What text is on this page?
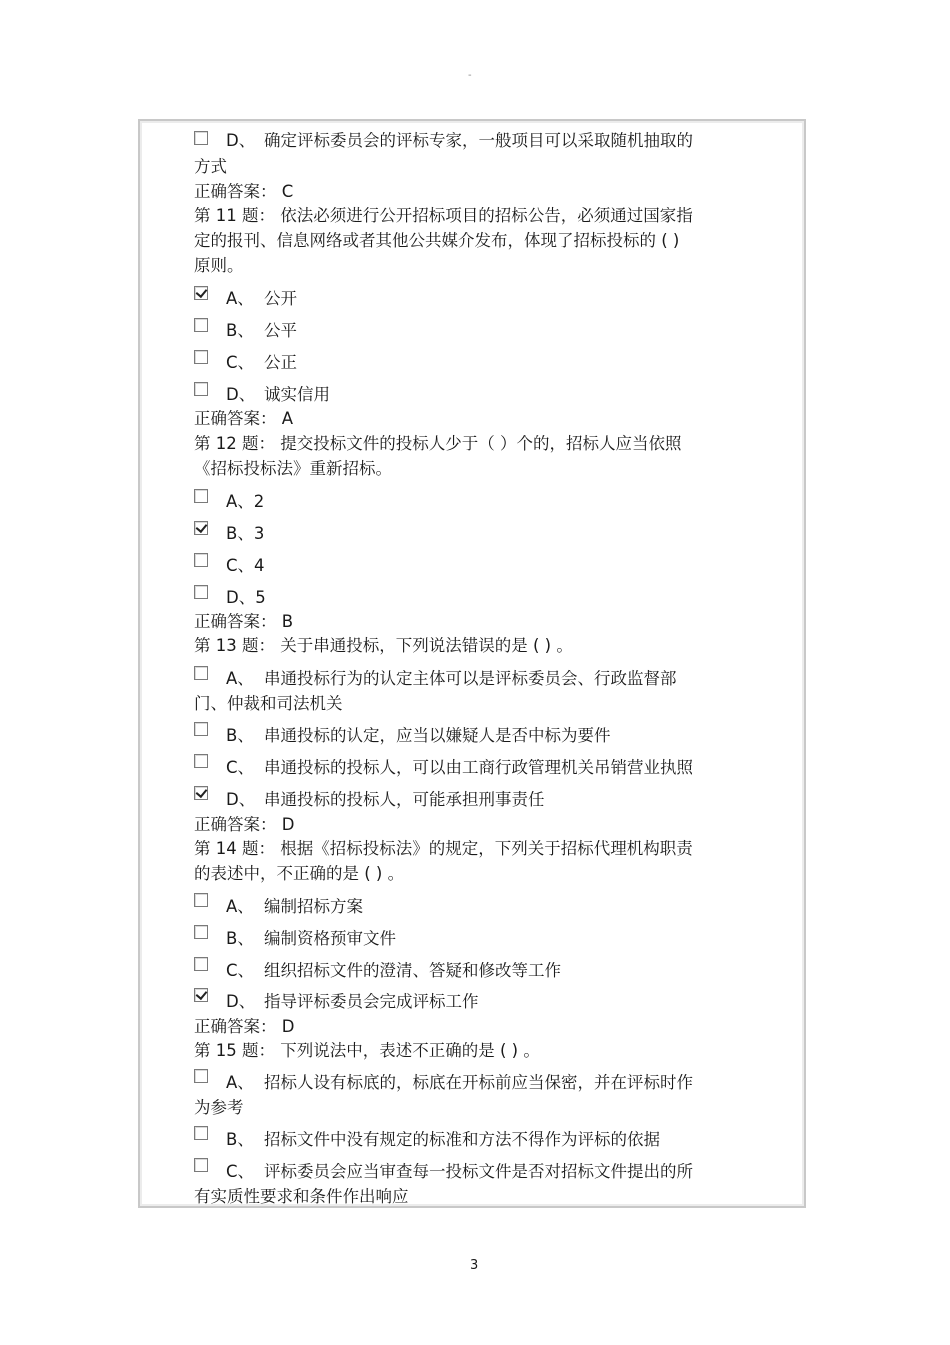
-
D、 确定评标委员会的评标专家，一般项目可以采取随机抽取的
方式
正确答案： C
第 11 题： 依法必须进行公开招标项目的招标公告，必须通过国家指
定的报刊、信息网络或者其他公共媒介发布，体现了招标投标的 ( )
原则。
A、 公开
B、 公平
C、 公正
D、 诚实信用
正确答案： A
第 12 题： 提交投标文件的投标人少于（ ）个的，招标人应当依照
《招标投标法》重新招标。
A、2
B、3
C、4
D、5
正确答案： B
第 13 题： 关于串通投标，下列说法错误的是 ( ) 。
A、 串通投标行为的认定主体可以是评标委员会、行政监督部
门、仲裁和司法机关
B、 串通投标的认定，应当以嫌疑人是否中标为要件
C、 串通投标的投标人，可以由工商行政管理机关吊销营业执照
D、 串通投标的投标人，可能承担刑事责任
正确答案： D
第 14 题： 根据《招标投标法》的规定，下列关于招标代理机构职责
的表述中，不正确的是 ( ) 。
A、 编制招标方案
B、 编制资格预审文件
C、 组织招标文件的澄清、答疑和修改等工作
D、 指导评标委员会完成评标工作
正确答案： D
第 15 题： 下列说法中，表述不正确的是 ( ) 。
A、 招标人设有标底的，标底在开标前应当保密，并在评标时作
为参考
B、 招标文件中没有规定的标准和方法不得作为评标的依据
C、 评标委员会应当审查每一投标文件是否对招标文件提出的所
有实质性要求和条件作出响应
3
